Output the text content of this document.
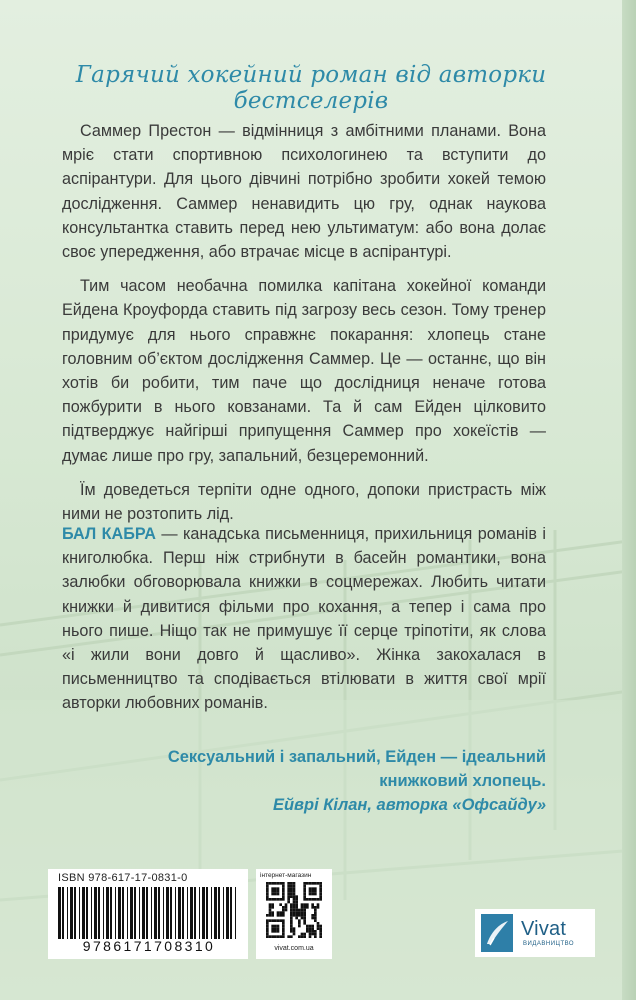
Гарячий хокейний роман від авторки бестселерів

Саммер Престон — відмінниця з амбітними планами. Вона мріє стати спортивною психологинею та вступити до аспірантури. Для цього дівчині потрібно зробити хокей темою дослідження. Саммер ненавидить цю гру, однак наукова консультантка ставить перед нею ультиматум: або вона долає своє упередження, або втрачає місце в аспірантурі.

Тим часом необачна помилка капітана хокейної команди Ейдена Кроуфорда ставить під загрозу весь сезон. Тому тренер придумує для нього справжнє покарання: хлопець стане головним об’єктом дослідження Саммер. Це — останнє, що він хотів би робити, тим паче що дослідниця неначе готова пожбурити в нього ковзанами. Та й сам Ейден цілковито підтверджує найгірші припущення Саммер про хокеїстів — думає лише про гру, запальний, безцеремонний.

Їм доведеться терпіти одне одного, допоки пристрасть між ними не розтопить лід.

БАЛ КАБРА — канадська письменниця, прихильниця романів і книголюбка. Перш ніж стрибнути в басейн романтики, вона залюбки обговорювала книжки в соцмережах. Любить читати книжки й дивитися фільми про кохання, а тепер і сама про нього пише. Ніщо так не примушує її серце тріпотіти, як слова «і жили вони довго й щасливо». Жінка закохалася в письменництво та сподівається втілювати в життя свої мрії авторки любовних романів.

Сексуальний і запальний, Ейден — ідеальний
книжковий хлопець.
Ейврі Кілан, авторка «Офсайду»
ISBN 978-617-17-0831-0
9786171708310
інтернет-магазин
vivat.com.ua
Vivat
ВИДАВНИЦТВО
